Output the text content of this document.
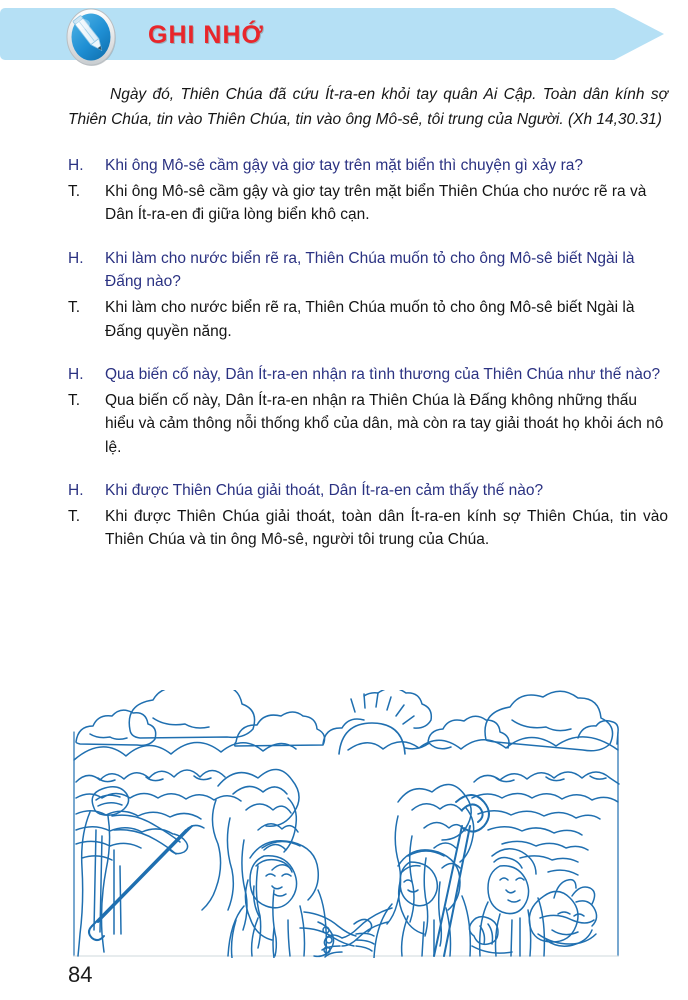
GHI NHỚ

Ngày đó, Thiên Chúa đã cứu Ít-ra-en khỏi tay quân Ai Cập. Toàn dân kính sợ Thiên Chúa, tin vào Thiên Chúa, tin vào ông Mô-sê, tôi trung của Người. (Xh 14,30.31)

H.	Khi ông Mô-sê cầm gậy và giơ tay trên mặt biển thì chuyện gì xảy ra?
T.	Khi ông Mô-sê cầm gậy và giơ tay trên mặt biển Thiên Chúa cho nước rẽ ra và Dân Ít-ra-en đi giữa lòng biển khô cạn.
H.	Khi làm cho nước biển rẽ ra, Thiên Chúa muốn tỏ cho ông Mô-sê biết Ngài là Đấng nào?
T.	Khi làm cho nước biển rẽ ra, Thiên Chúa muốn tỏ cho ông Mô-sê biết Ngài là Đấng quyền năng.
H.	Qua biến cố này, Dân Ít-ra-en nhận ra tình thương của Thiên Chúa như thế nào?
T.	Qua biến cố này, Dân Ít-ra-en nhận ra Thiên Chúa là Đấng không những thấu hiểu và cảm thông nỗi thống khổ của dân, mà còn ra tay giải thoát họ khỏi ách nô lệ.
H.	Khi được Thiên Chúa giải thoát, Dân Ít-ra-en cảm thấy thế nào?
T.	Khi được Thiên Chúa giải thoát, toàn dân Ít-ra-en kính sợ Thiên Chúa, tin vào Thiên Chúa và tin ông Mô-sê, người tôi trung của Chúa.
84
